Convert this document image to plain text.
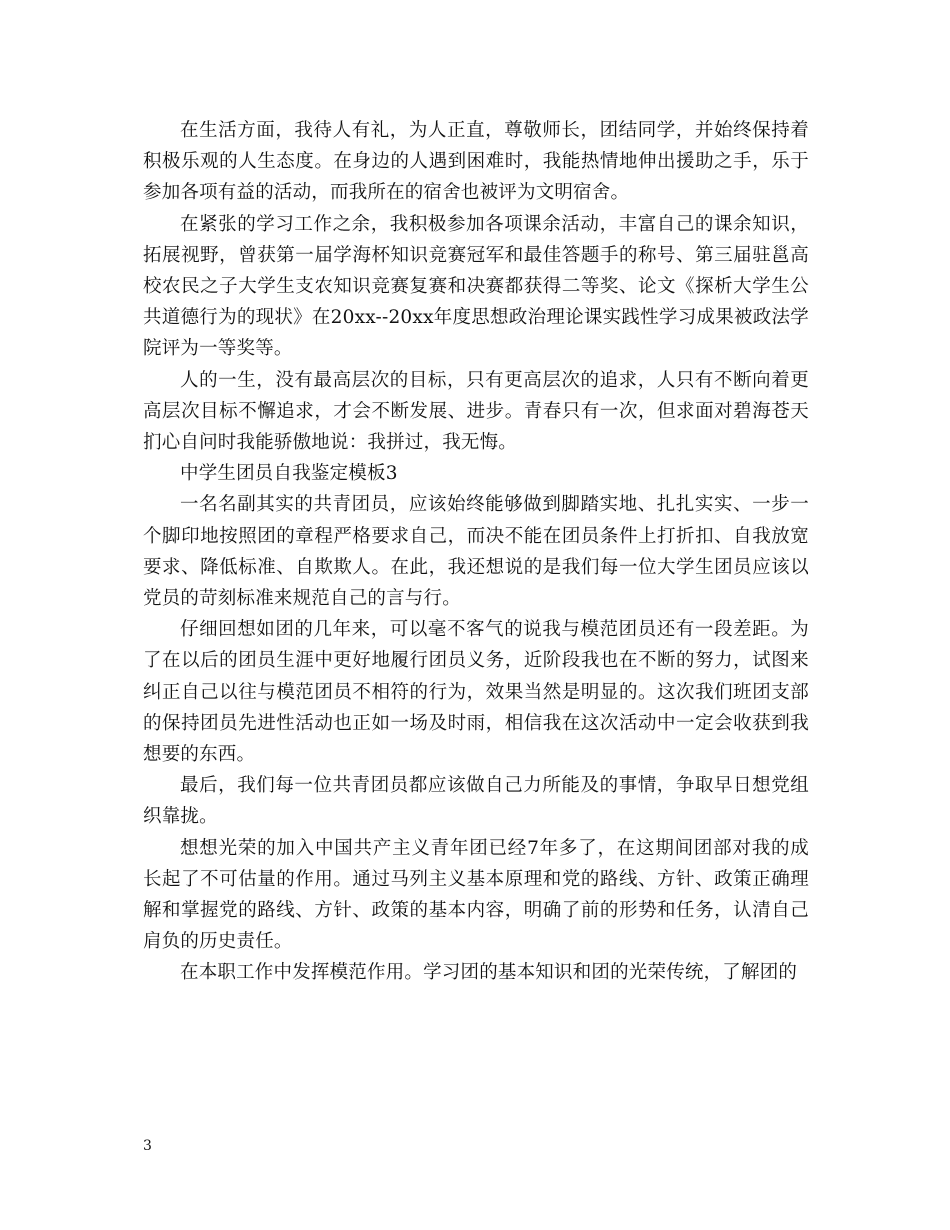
在生活方面，我待人有礼，为人正直，尊敬师长，团结同学，并始终保持着积极乐观的人生态度。在身边的人遇到困难时，我能热情地伸出援助之手，乐于参加各项有益的活动，而我所在的宿舍也被评为文明宿舍。

在紧张的学习工作之余，我积极参加各项课余活动，丰富自己的课余知识，拓展视野，曾获第一届学海杯知识竞赛冠军和最佳答题手的称号、第三届驻邕高校农民之子大学生支农知识竞赛复赛和决赛都获得二等奖、论文《探析大学生公共道德行为的现状》在20xx--20xx年度思想政治理论课实践性学习成果被政法学院评为一等奖等。

人的一生，没有最高层次的目标，只有更高层次的追求，人只有不断向着更高层次目标不懈追求，才会不断发展、进步。青春只有一次，但求面对碧海苍天扪心自问时我能骄傲地说：我拼过，我无悔。

中学生团员自我鉴定模板3

一名名副其实的共青团员，应该始终能够做到脚踏实地、扎扎实实、一步一个脚印地按照团的章程严格要求自己，而决不能在团员条件上打折扣、自我放宽要求、降低标准、自欺欺人。在此，我还想说的是我们每一位大学生团员应该以党员的苛刻标准来规范自己的言与行。

仔细回想如团的几年来，可以毫不客气的说我与模范团员还有一段差距。为了在以后的团员生涯中更好地履行团员义务，近阶段我也在不断的努力，试图来纠正自己以往与模范团员不相符的行为，效果当然是明显的。这次我们班团支部的保持团员先进性活动也正如一场及时雨，相信我在这次活动中一定会收获到我想要的东西。

最后，我们每一位共青团员都应该做自己力所能及的事情，争取早日想党组织靠拢。

想想光荣的加入中国共产主义青年团已经7年多了，在这期间团部对我的成长起了不可估量的作用。通过马列主义基本原理和党的路线、方针、政策正确理解和掌握党的路线、方针、政策的基本内容，明确了前的形势和任务，认清自己肩负的历史责任。

在本职工作中发挥模范作用。学习团的基本知识和团的光荣传统，了解团的

3
